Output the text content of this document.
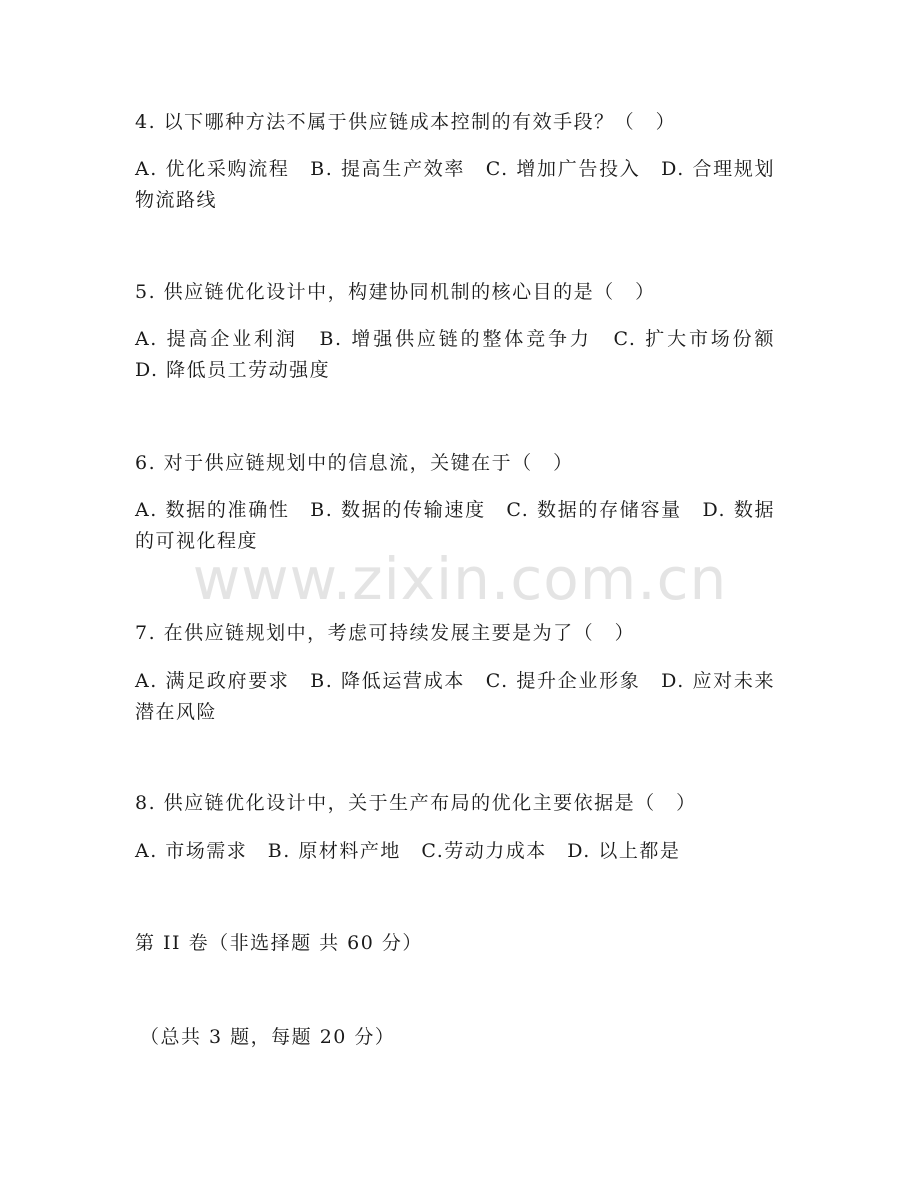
www.zixin.com.cn
4. 以下哪种方法不属于供应链成本控制的有效手段？（　）
A. 优化采购流程　B. 提高生产效率　C. 增加广告投入　D. 合理规划物流路线
5. 供应链优化设计中，构建协同机制的核心目的是（　）
A. 提高企业利润　B. 增强供应链的整体竞争力　C. 扩大市场份额　D. 降低员工劳动强度
6. 对于供应链规划中的信息流，关键在于（　）
A. 数据的准确性　B. 数据的传输速度　C. 数据的存储容量　D. 数据的可视化程度
7. 在供应链规划中，考虑可持续发展主要是为了（　）
A. 满足政府要求　B. 降低运营成本　C. 提升企业形象　D. 应对未来潜在风险
8. 供应链优化设计中，关于生产布局的优化主要依据是（　）
A. 市场需求　B. 原材料产地　C.劳动力成本　D. 以上都是
第 II 卷（非选择题 共 60 分）
（总共 3 题，每题 20 分）
